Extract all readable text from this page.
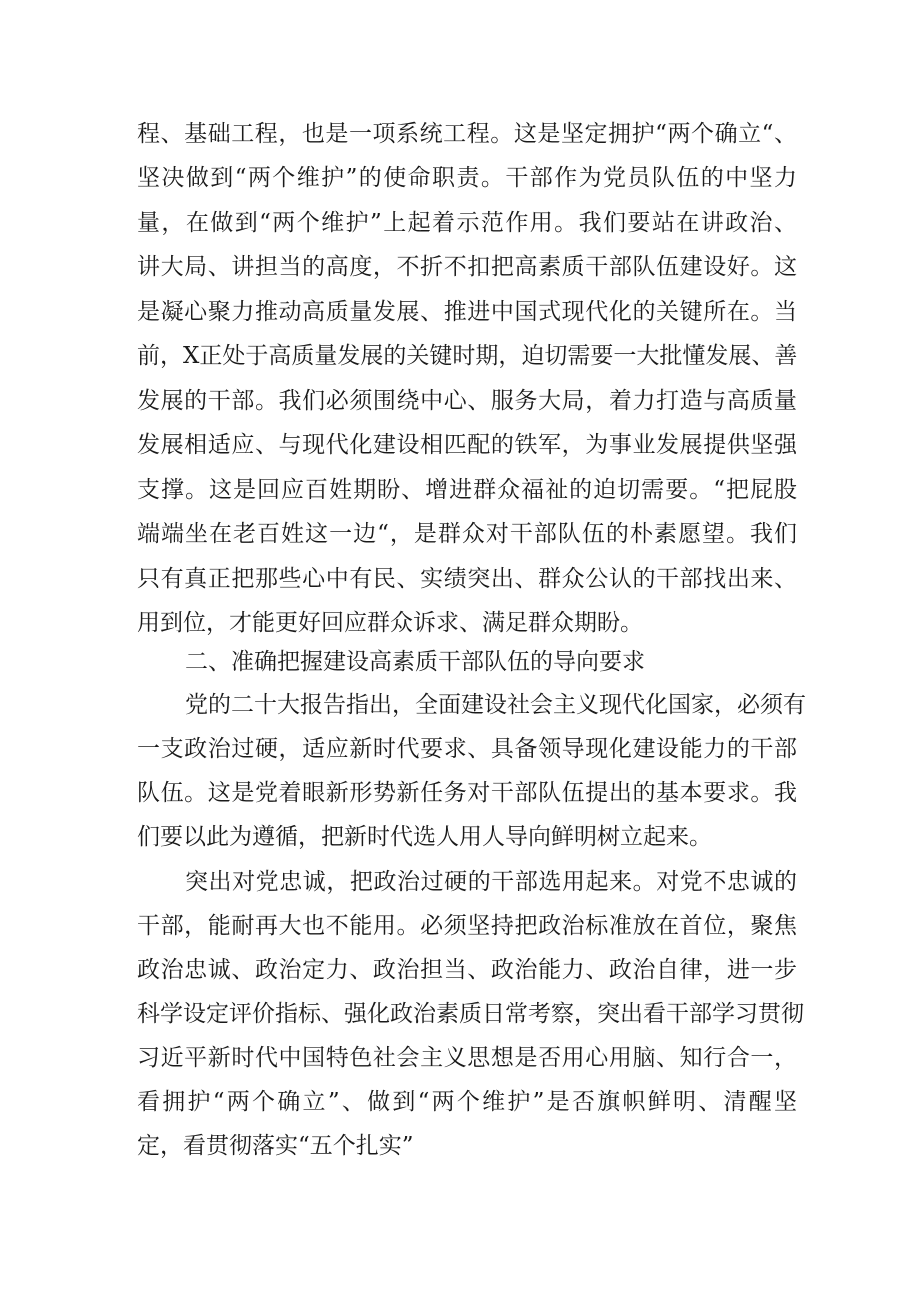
程、基础工程，也是一项系统工程。这是坚定拥护“两个确立“、
坚决做到“两个维护”的使命职责。干部作为党员队伍的中坚力
量，在做到“两个维护”上起着示范作用。我们要站在讲政治、
讲大局、讲担当的高度，不折不扣把高素质干部队伍建设好。这
是凝心聚力推动高质量发展、推进中国式现代化的关键所在。当
前，X正处于高质量发展的关键时期，迫切需要一大批懂发展、善
发展的干部。我们必须围绕中心、服务大局，着力打造与高质量
发展相适应、与现代化建设相匹配的铁军，为事业发展提供坚强
支撑。这是回应百姓期盼、增进群众福祉的迫切需要。“把屁股
端端坐在老百姓这一边“，是群众对干部队伍的朴素愿望。我们
只有真正把那些心中有民、实绩突出、群众公认的干部找出来、
用到位，才能更好回应群众诉求、满足群众期盼。
二、准确把握建设高素质干部队伍的导向要求
党的二十大报告指出，全面建设社会主义现代化国家，必须有
一支政治过硬，适应新时代要求、具备领导现化建设能力的干部
队伍。这是党着眼新形势新任务对干部队伍提出的基本要求。我
们要以此为遵循，把新时代选人用人导向鲜明树立起来。
突出对党忠诚，把政治过硬的干部选用起来。对党不忠诚的
干部，能耐再大也不能用。必须坚持把政治标准放在首位，聚焦
政治忠诚、政治定力、政治担当、政治能力、政治自律，进一步
科学设定评价指标、强化政治素质日常考察，突出看干部学习贯彻
习近平新时代中国特色社会主义思想是否用心用脑、知行合一，
看拥护“两个确立”、做到“两个维护”是否旗帜鲜明、清醒坚
定，看贯彻落实“五个扎实”
